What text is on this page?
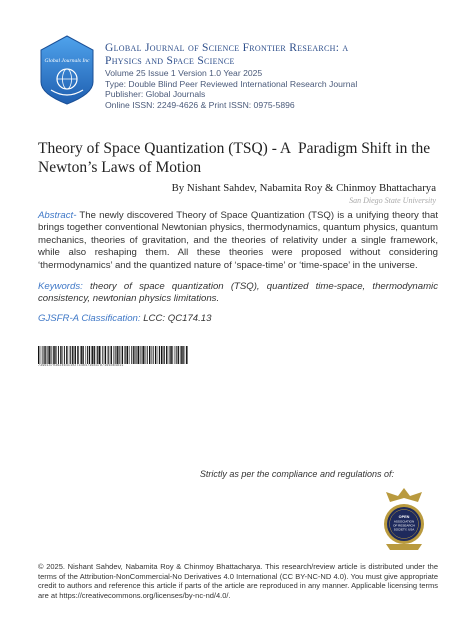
Global Journals Inc
Global Journal of Science Frontier Research: a
Physics and Space Science
Volume 25 Issue 1 Version 1.0 Year 2025
Type: Double Blind Peer Reviewed International Research Journal
Publisher: Global Journals
Online ISSN: 2249-4626 & Print ISSN: 0975-5896
Theory of Space Quantization (TSQ) - A  Paradigm Shift in the
Newton’s Laws of Motion
By Nishant Sahdev, Nabamita Roy & Chinmoy Bhattacharya
San Diego State University
Abstract- The newly discovered Theory of Space Quantization (TSQ) is a unifying theory that brings together conventional Newtonian physics, thermodynamics, quantum physics, quantum mechanics, theories of gravitation, and the theories of relativity under a single framework, while also reshaping them. All these theories were proposed without considering ‘thermodynamics’ and the quantized nature of ‘space-time’ or ‘time-space’ in the universe.
Keywords: theory of space quantization (TSQ), quantized time-space, thermodynamic consistency, newtonian physics limitations.
GJSFR-A Classification: LCC: QC174.13
7396147036246411027346471683787166464811
Strictly as per the compliance and regulations of:
OPEN
ASSOCIATION
OF RESEARCH
SOCIETY, USA
© 2025. Nishant Sahdev, Nabamita Roy & Chinmoy Bhattacharya. This research/review article is distributed under the terms of the Attribution-NonCommercial-No Derivatives 4.0 International (CC BY-NC-ND 4.0). You must give appropriate credit to authors and reference this article if parts of the article are reproduced in any manner. Applicable licensing terms are at https://creativecommons.org/licenses/by-nc-nd/4.0/.
